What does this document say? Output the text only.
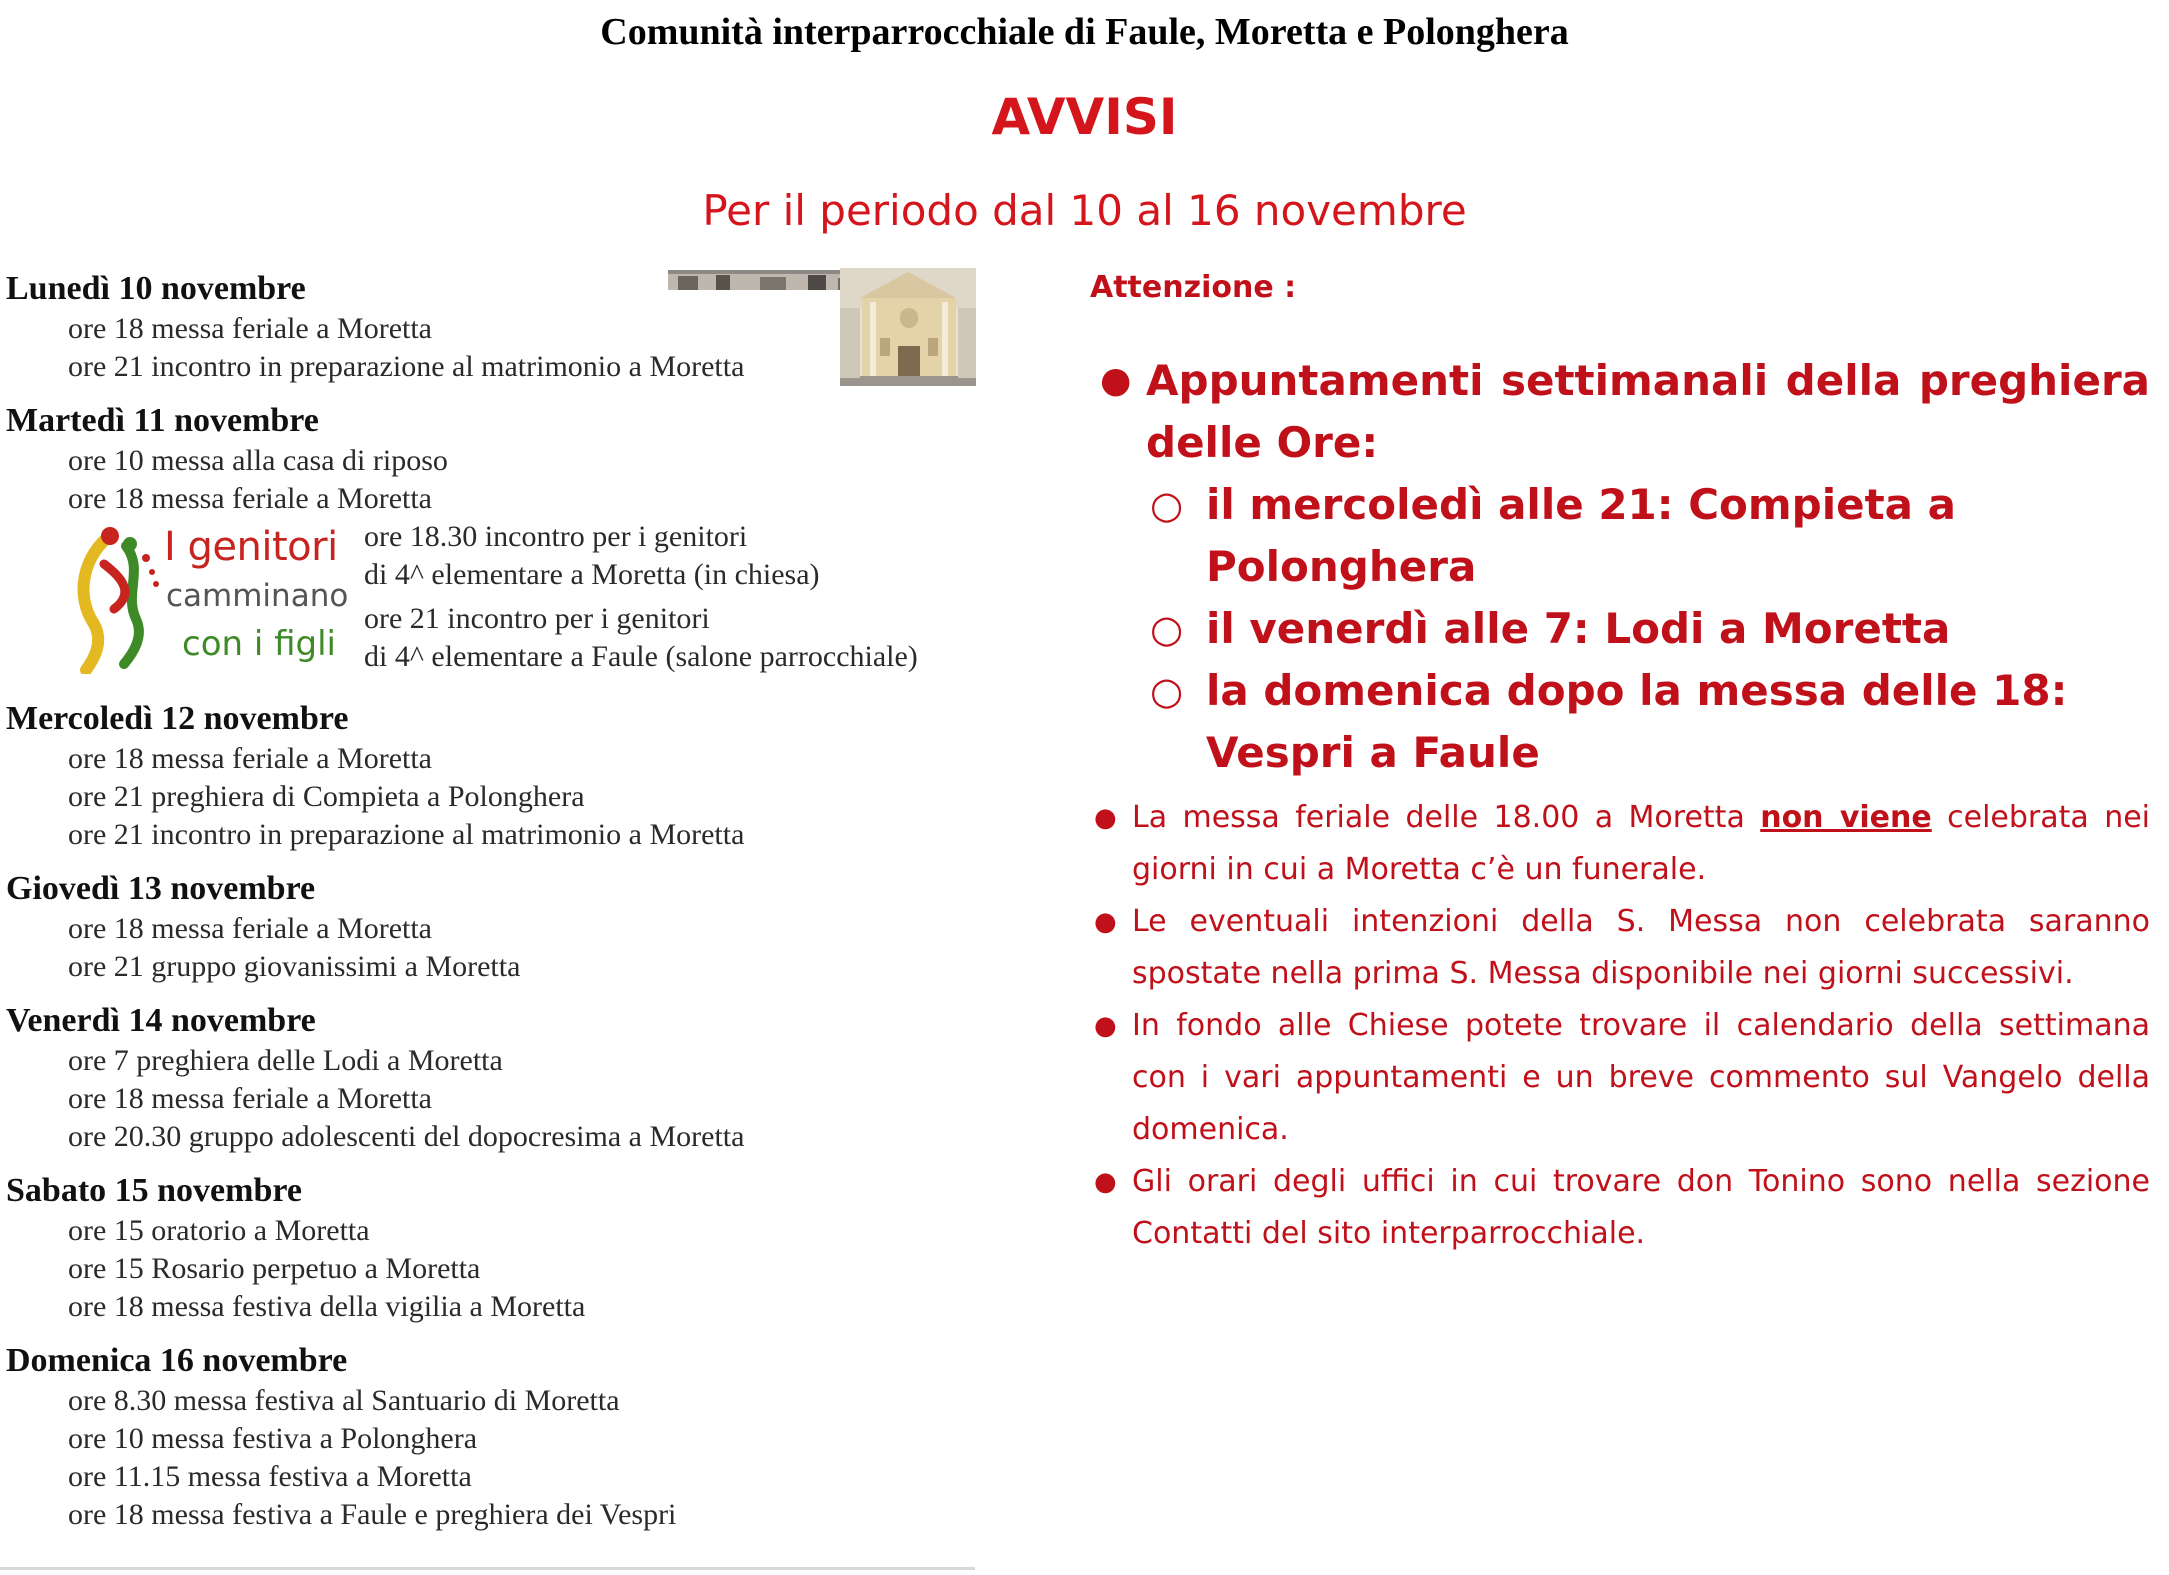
Comunità interparrocchiale di Faule, Moretta e Polonghera
AVVISI
Per il periodo dal 10 al 16 novembre
Lunedì 10 novembre
ore 18 messa feriale a Moretta
ore 21 incontro in preparazione al matrimonio a Moretta
Martedì 11 novembre
ore 10 messa alla casa di riposo
ore 18 messa feriale a Moretta
I genitori
camminano
con i figli
ore 18.30 incontro per i genitori
di 4^ elementare a Moretta (in chiesa)
ore 21 incontro per i genitori
di 4^ elementare a Faule (salone parrocchiale)
Mercoledì 12 novembre
ore 18 messa feriale a Moretta
ore 21 preghiera di Compieta a Polonghera
ore 21 incontro in preparazione al matrimonio a Moretta
Giovedì 13 novembre
ore 18 messa feriale a Moretta
ore 21 gruppo giovanissimi a Moretta
Venerdì 14 novembre
ore 7 preghiera delle Lodi a Moretta
ore 18 messa feriale a Moretta
ore 20.30 gruppo adolescenti del dopocresima a Moretta
Sabato 15 novembre
ore 15 oratorio a Moretta
ore 15 Rosario perpetuo a Moretta
ore 18 messa festiva della vigilia a Moretta
Domenica 16 novembre
ore 8.30 messa festiva al Santuario di Moretta
ore 10 messa festiva a Polonghera
ore 11.15 messa festiva a Moretta
ore 18 messa festiva a Faule e preghiera dei Vespri
Attenzione :
● Appuntamenti settimanali della preghiera delle Ore:
○ il mercoledì alle 21: Compieta a Polonghera
○ il venerdì alle 7: Lodi a Moretta
○ la domenica dopo la messa delle 18: Vespri a Faule
● La messa feriale delle 18.00 a Moretta non viene celebrata nei giorni in cui a Moretta c’è un funerale.
● Le eventuali intenzioni della S. Messa non celebrata saranno spostate nella prima S. Messa disponibile nei giorni successivi.
● In fondo alle Chiese potete trovare il calendario della settimana con i vari appuntamenti e un breve commento sul Vangelo della domenica.
● Gli orari degli uffici in cui trovare don Tonino sono nella sezione Contatti del sito interparrocchiale.
